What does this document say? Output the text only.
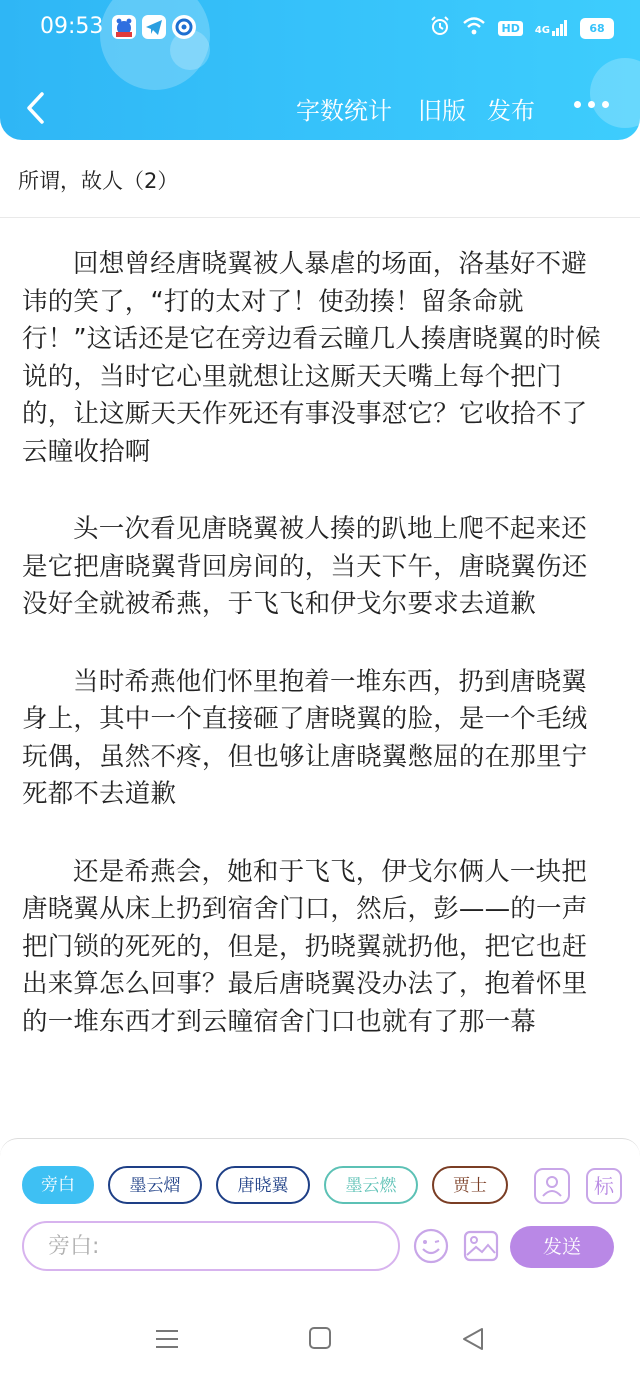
09:53	HD	4G	68
字数统计 旧版 发布
所谓，故人（2）

回想曾经唐晓翼被人暴虐的场面，洛基好不避讳的笑了，“打的太对了！使劲揍！留条命就行！”这话还是它在旁边看云瞳几人揍唐晓翼的时候说的，当时它心里就想让这厮天天嘴上每个把门的，让这厮天天作死还有事没事怼它？它收拾不了云瞳收拾啊

头一次看见唐晓翼被人揍的趴地上爬不起来还是它把唐晓翼背回房间的，当天下午，唐晓翼伤还没好全就被希燕，于飞飞和伊戈尔要求去道歉

当时希燕他们怀里抱着一堆东西，扔到唐晓翼身上，其中一个直接砸了唐晓翼的脸，是一个毛绒玩偶，虽然不疼，但也够让唐晓翼憋屈的在那里宁死都不去道歉

还是希燕会，她和于飞飞，伊戈尔俩人一块把唐晓翼从床上扔到宿舍门口，然后，彭——的一声把门锁的死死的，但是，扔晓翼就扔他，把它也赶出来算怎么回事？最后唐晓翼没办法了，抱着怀里的一堆东西才到云瞳宿舍门口也就有了那一幕

旁白	墨云熠	唐晓翼	墨云燃	贾士	标
旁白:
发送
